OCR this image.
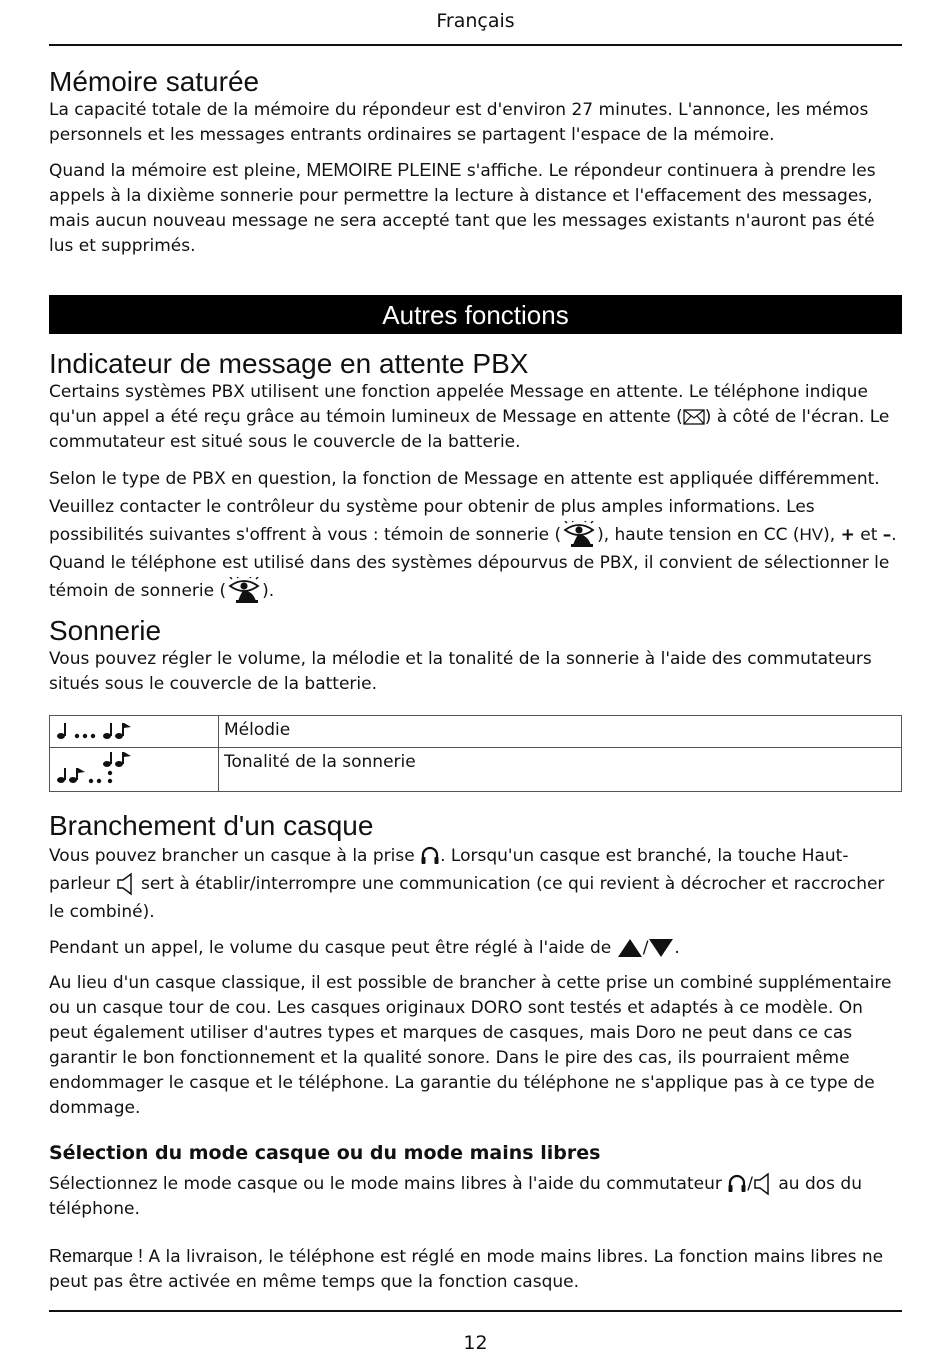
Français
Mémoire saturée

La capacité totale de la mémoire du répondeur est d'environ 27 minutes. L'annonce, les mémos personnels et les messages entrants ordinaires se partagent l'espace de la mémoire.

Quand la mémoire est pleine, MEMOIRE PLEINE s'affiche. Le répondeur continuera à prendre les appels à la dixième sonnerie pour permettre la lecture à distance et l'effacement des messages, mais aucun nouveau message ne sera accepté tant que les messages existants n'auront pas été lus et supprimés.

Autres fonctions
Indicateur de message en attente PBX

Certains systèmes PBX utilisent une fonction appelée Message en attente. Le téléphone indique qu'un appel a été reçu grâce au témoin lumineux de Message en attente ( ) à côté de l'écran. Le commutateur est situé sous le couvercle de la batterie.

Selon le type de PBX en question, la fonction de Message en attente est appliquée différemment. Veuillez contacter le contrôleur du système pour obtenir de plus amples informations. Les possibilités suivantes s'offrent à vous : témoin de sonnerie ( ), haute tension en CC (HV), + et –. Quand le téléphone est utilisé dans des systèmes dépourvus de PBX, il convient de sélectionner le témoin de sonnerie ( ).

Sonnerie

Vous pouvez régler le volume, la mélodie et la tonalité de la sonnerie à l'aide des commutateurs situés sous le couvercle de la batterie.

	Mélodie
	Tonalité de la sonnerie
Branchement d'un casque

Vous pouvez brancher un casque à la prise . Lorsqu'un casque est branché, la touche Haut-parleur  sert à établir/interrompre une communication (ce qui revient à décrocher et raccrocher le combiné).

Pendant un appel, le volume du casque peut être réglé à l'aide de / .

Au lieu d'un casque classique, il est possible de brancher à cette prise un combiné supplémentaire ou un casque tour de cou. Les casques originaux DORO sont testés et adaptés à ce modèle. On peut également utiliser d'autres types et marques de casques, mais Doro ne peut dans ce cas garantir le bon fonctionnement et la qualité sonore. Dans le pire des cas, ils pourraient même endommager le casque et le téléphone. La garantie du téléphone ne s'applique pas à ce type de dommage.

Sélection du mode casque ou du mode mains libres

Sélectionnez le mode casque ou le mode mains libres à l'aide du commutateur / au dos du téléphone.

Remarque ! A la livraison, le téléphone est réglé en mode mains libres. La fonction mains libres ne peut pas être activée en même temps que la fonction casque.

12
